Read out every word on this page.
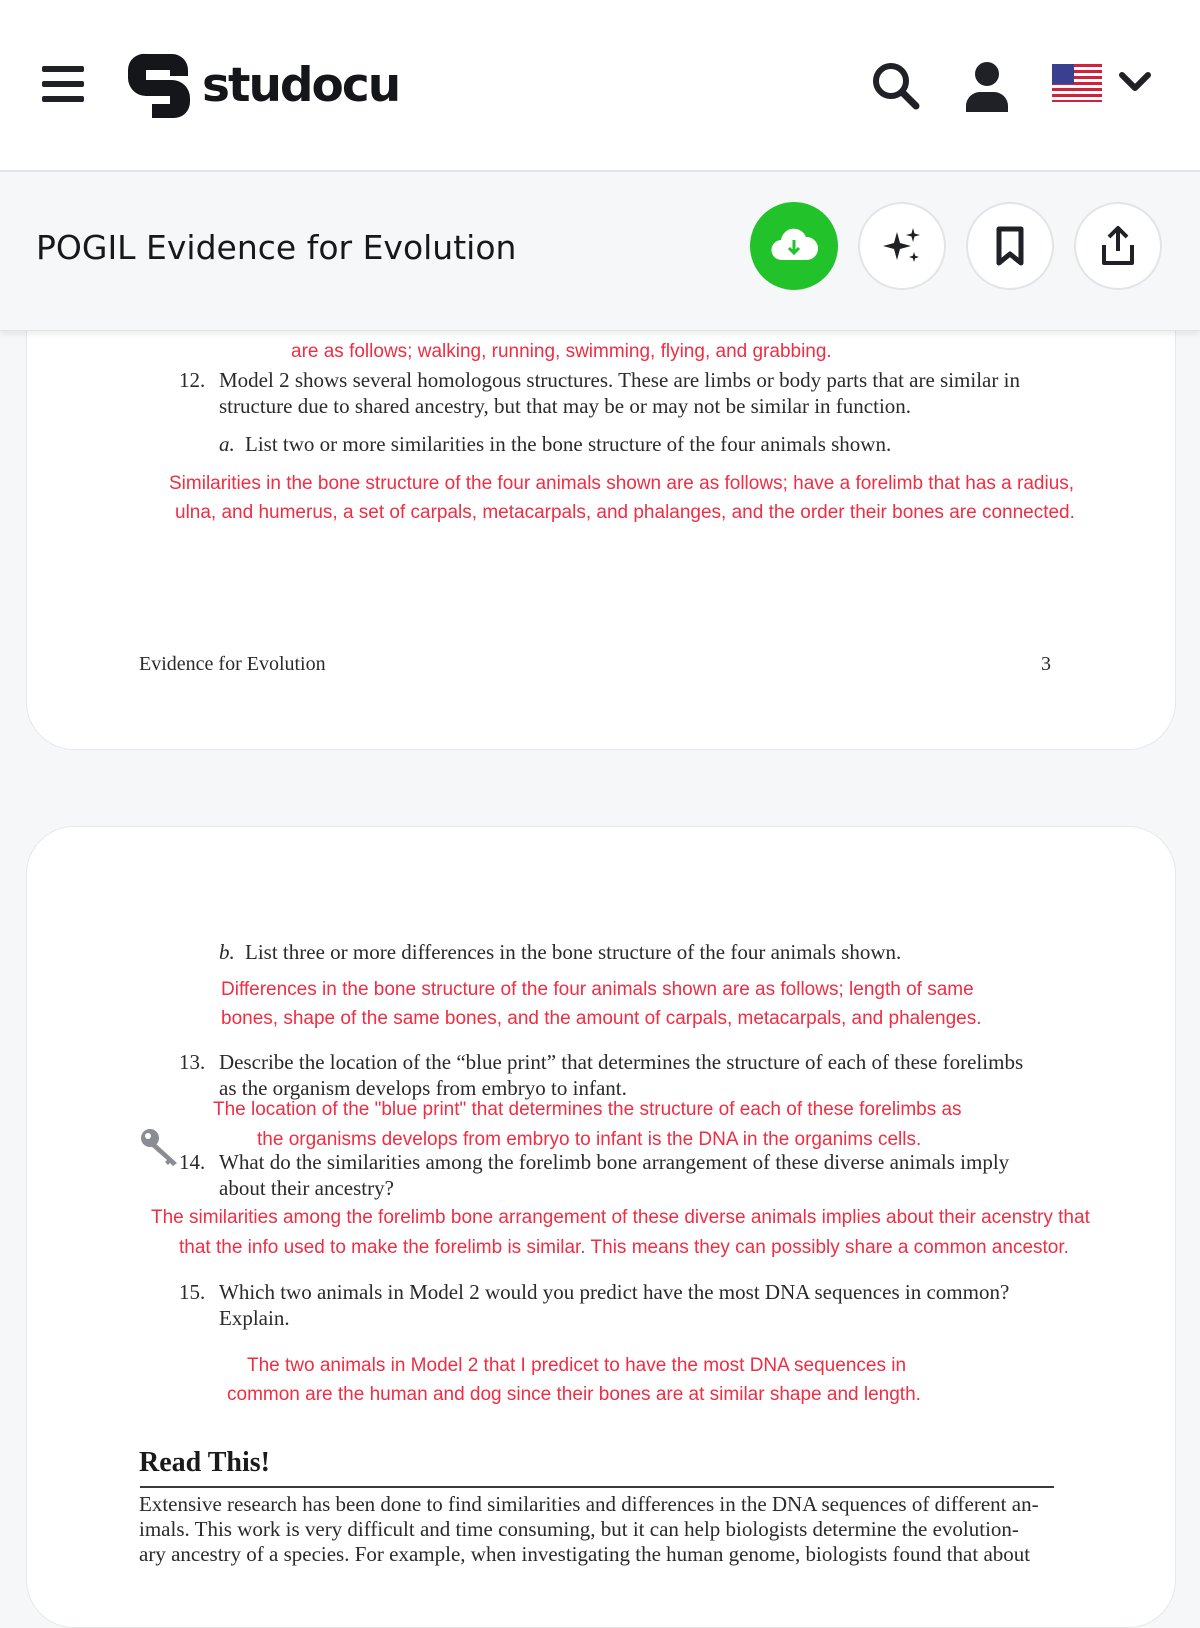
studocu
POGIL Evidence for Evolution
are as follows; walking, running, swimming, flying, and grabbing.
12. Model 2 shows several homologous structures. These are limbs or body parts that are similar in
structure due to shared ancestry, but that may be or may not be similar in function.
a. List two or more similarities in the bone structure of the four animals shown.
Similarities in the bone structure of the four animals shown are as follows; have a forelimb that has a radius,
ulna, and humerus, a set of carpals, metacarpals, and phalanges, and the order their bones are connected.
Evidence for Evolution	3
b. List three or more differences in the bone structure of the four animals shown.
Differences in the bone structure of the four animals shown are as follows; length of same
bones, shape of the same bones, and the amount of carpals, metacarpals, and phalenges.
13. Describe the location of the “blue print” that determines the structure of each of these forelimbs
as the organism develops from embryo to infant.
The location of the "blue print" that determines the structure of each of these forelimbs as
the organisms develops from embryo to infant is the DNA in the organims cells.
14. What do the similarities among the forelimb bone arrangement of these diverse animals imply
about their ancestry?
The similarities among the forelimb bone arrangement of these diverse animals implies about their acenstry that
that the info used to make the forelimb is similar. This means they can possibly share a common ancestor.
15. Which two animals in Model 2 would you predict have the most DNA sequences in common?
Explain.
The two animals in Model 2 that I predicet to have the most DNA sequences in
common are the human and dog since their bones are at similar shape and length.
Read This!
Extensive research has been done to find similarities and differences in the DNA sequences of different an-
imals. This work is very difficult and time consuming, but it can help biologists determine the evolution-
ary ancestry of a species. For example, when investigating the human genome, biologists found that about
